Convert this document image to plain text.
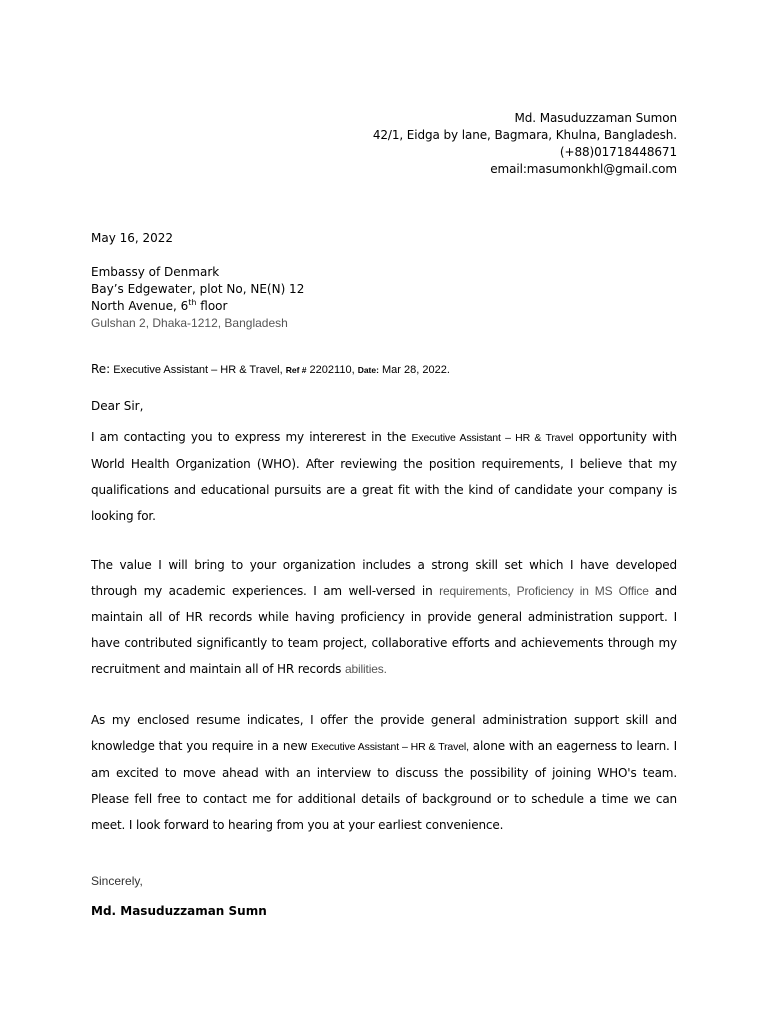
Md. Masuduzzaman Sumon
42/1, Eidga by lane, Bagmara, Khulna, Bangladesh.
(+88)01718448671
email:masumonkhl@gmail.com
May 16, 2022
Embassy of Denmark
Bay’s Edgewater, plot No, NE(N) 12
North Avenue, 6th floor
Gulshan 2, Dhaka-1212, Bangladesh
Re: Executive Assistant – HR & Travel, Ref # 2202110, Date: Mar 28, 2022.
Dear Sir,
I am contacting you to express my intererest in the Executive Assistant – HR & Travel opportunity with World Health Organization (WHO). After reviewing the position requirements, I believe that my qualifications and educational pursuits are a great fit with the kind of candidate your company is looking for.
The value I will bring to your organization includes a strong skill set which I have developed through my academic experiences. I am well-versed in requirements, Proficiency in MS Office and maintain all of HR records while having proficiency in provide general administration support. I have contributed significantly to team project, collaborative efforts and achievements through my recruitment and maintain all of HR records abilities.
As my enclosed resume indicates, I offer the provide general administration support skill and knowledge that you require in a new Executive Assistant – HR & Travel, alone with an eagerness to learn. I am excited to move ahead with an interview to discuss the possibility of joining WHO's team. Please fell free to contact me for additional details of background or to schedule a time we can meet. I look forward to hearing from you at your earliest convenience.
Sincerely,
Md. Masuduzzaman Sumn
